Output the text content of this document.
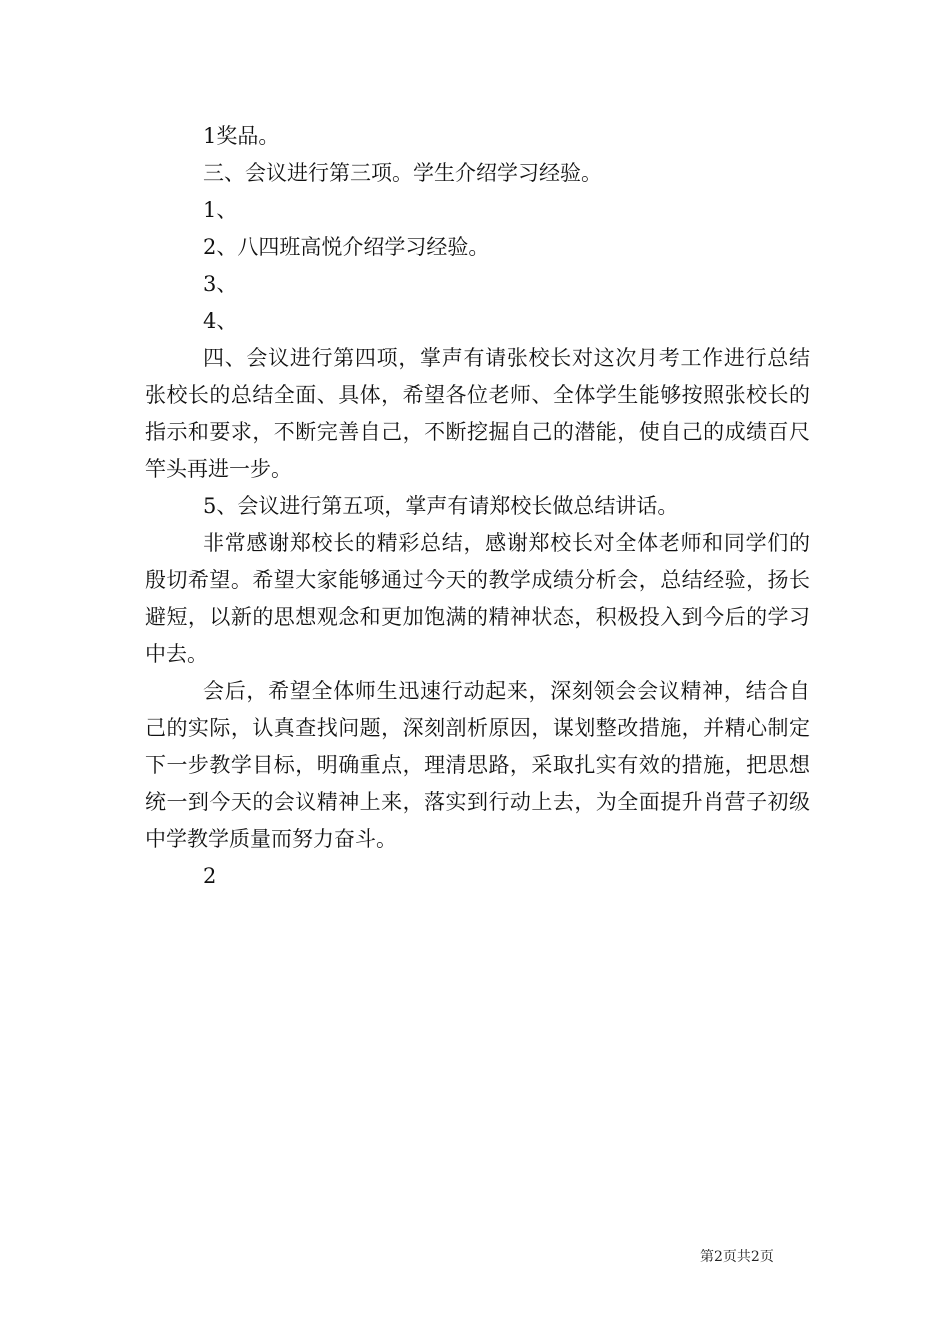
1奖品。

三、会议进行第三项。学生介绍学习经验。

1、

2、八四班高悦介绍学习经验。

3、

4、

四、会议进行第四项，掌声有请张校长对这次月考工作进行总结张校长的总结全面、具体，希望各位老师、全体学生能够按照张校长的指示和要求，不断完善自己，不断挖掘自己的潜能，使自己的成绩百尺竿头再进一步。

5、会议进行第五项，掌声有请郑校长做总结讲话。

非常感谢郑校长的精彩总结，感谢郑校长对全体老师和同学们的殷切希望。希望大家能够通过今天的教学成绩分析会，总结经验，扬长避短，以新的思想观念和更加饱满的精神状态，积极投入到今后的学习中去。

会后，希望全体师生迅速行动起来，深刻领会会议精神，结合自己的实际，认真查找问题，深刻剖析原因，谋划整改措施，并精心制定下一步教学目标，明确重点，理清思路，采取扎实有效的措施，把思想统一到今天的会议精神上来，落实到行动上去，为全面提升肖营子初级中学教学质量而努力奋斗。

2

第2页共2页
